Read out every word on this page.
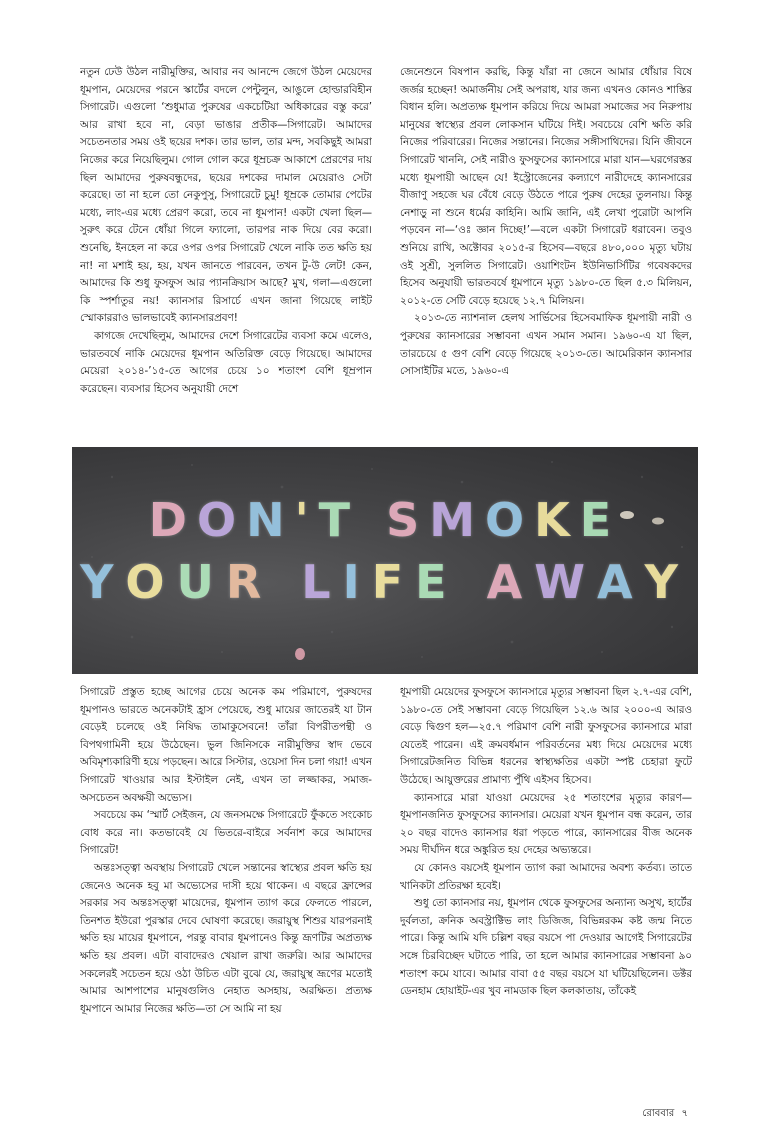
নতুন ঢেউ উঠল নারীমুক্তির, আবার নব আনন্দে জেগে উঠল মেয়েদের ধূমপান, মেয়েদের পরনে স্কার্টের বদলে পেন্টুলুন, আঙুলে হোল্ডারবিহীন সিগারেট। এগুলো ‘শুধুমাত্র পুরুষের একচেটিয়া অধিকারের বস্তু করে’ আর রাখা হবে না, বেড়া ভাঙার প্রতীক—সিগারেট। আমাদের সচেতনতার সময় ওই ছয়ের দশক। তার ভাল, তার মন্দ, সবকিছুই আমরা নিজের করে নিয়েছিলুম। গোল গোল করে ধূম্রচক্র আকাশে প্রেরণের দায় ছিল আমাদের পুরুষবন্ধুদের, ছয়ের দশকের দামাল মেয়েরাও সেটা করেছে। তা না হলে তো নেকুপুসু, সিগারেটে চুমু! ধূম্রকে তোমার পেটের মধ্যে, লাং-এর মধ্যে প্রেরণ করো, তবে না ধূমপান! একটা খেলা ছিল—সুরুৎ করে টেনে ধোঁয়া গিলে ফ্যালো, তারপর নাক দিয়ে বের করো। শুনেছি, ইনহেল না করে ওপর ওপর সিগারেট খেলে নাকি তত ক্ষতি হয় না! না মশাই হয়, হয়, যখন জানতে পারবেন, তখন টু-উ লেট! কেন, আমাদের কি শুধু ফুসফুস আর প্যানক্রিয়াস আছে? মুখ, গলা—এগুলো কি স্পর্শাতুর নয়! ক্যানসার রিসার্চে এখন জানা গিয়েছে লাইট স্মোকাররাও ভালভাবেই ক্যানসারপ্রবণ!

কাগজে দেখেছিলুম, আমাদের দেশে সিগারেটের ব্যবসা কমে এলেও, ভারতবর্ষে নাকি মেয়েদের ধূমপান অতিরিক্ত বেড়ে গিয়েছে। আমাদের মেয়েরা ২০১৪-’১৫-তে আগের চেয়ে ১০ শতাংশ বেশি ধূম্রপান করেছেন। ব্যবসার হিসেব অনুযায়ী দেশে

জেনেশুনে বিষপান করছি, কিন্তু যাঁরা না জেনে আমার ধোঁয়ার বিষে জর্জর হচ্ছেন! অমার্জনীয় সেই অপরাধ, যার জন্য এখনও কোনও শাস্তির বিধান হলি। অপ্রত্যক্ষ ধূমপান করিয়ে দিয়ে আমরা সমাজের সব নিরুপায় মানুষের স্বাস্থ্যের প্রবল লোকসান ঘটিয়ে দিই। সবচেয়ে বেশি ক্ষতি করি নিজের পরিবারের। নিজের সন্তানের। নিজের সঙ্গীসাথিদের। যিনি জীবনে সিগারেট খাননি, সেই নারীও ফুসফুসের ক্যানসারে মারা যান—ঘরগেরস্তর মধ্যে ধূমপায়ী আছেন যে! ইস্ট্রোজেনের কল্যাণে নারীদেহে ক্যানসারের বীজাণু সহজে ঘর বেঁধে বেড়ে উঠতে পারে পুরুষ দেহের তুলনায়। কিন্তু নেশাড়ু না শুনে ধর্মের কাহিনি। আমি জানি, এই লেখা পুরোটা আপনি পড়বেন না—‘ওঃ জ্ঞান দিচ্ছে!’—বলে একটা সিগারেট ধরাবেন। তবুও শুনিয়ে রাখি, অক্টোবর ২০১৫-র হিসেব—বছরে ৪৮০,০০০ মৃত্যু ঘটায় ওই সুশ্রী, সুললিত সিগারেট। ওয়াশিংটন ইউনিভার্সিটির গবেষকদের হিসেব অনুযায়ী ভারতবর্ষে ধূমপানে মৃত্যু ১৯৮০-তে ছিল ৫.৩ মিলিয়ন, ২০১২-তে সেটি বেড়ে হয়েছে ১২.৭ মিলিয়ন।

২০১৩-তে ন্যাশনাল হেলথ সার্ভিসের হিসেবমাফিক ধূমপায়ী নারী ও পুরুষের ক্যানসারের সম্ভাবনা এখন সমান সমান। ১৯৬০-এ যা ছিল, তারচেয়ে ৫ গুণ বেশি বেড়ে গিয়েছে ২০১৩-তে। আমেরিকান ক্যানসার সোসাইটির মতে, ১৯৬০-এ

DON'T SMOKE
YOUR LIFE AWAY

সিগারেট প্রস্তুত হচ্ছে আগের চেয়ে অনেক কম পরিমাণে, পুরুষদের ধূমপানও ভারতে অনেকটাই হ্রাস পেয়েছে, শুধু মায়ের জাতেরই যা টান বেড়েই চলেছে ওই নিষিদ্ধ তামাকুসেবনে! তাঁরা বিপরীতপন্থী ও বিপথগামিনী হয়ে উঠেছেন। ভুল জিনিসকে নারীমুক্তির স্বাদ ভেবে অবিমৃশ্যকারিণী হয়ে পড়ছেন। আরে সিস্টার, ওয়েসা দিন চলা গয়া! এখন সিগারেট খাওয়ার আর ইস্টাইল নেই, এখন তা লজ্জাকর, সমাজ-অসচেতন অবক্ষয়ী অভ্যেস।

সবচেয়ে কম ‘স্মার্ট সেইজন, যে জনসমক্ষে সিগারেটে ফুঁকতে সংকোচ বোধ করে না। কতভাবেই যে ভিতরে-বাইরে সর্বনাশ করে আমাদের সিগারেট!

অন্তঃসত্ত্বা অবস্থায় সিগারেট খেলে সন্তানের স্বাস্থ্যের প্রবল ক্ষতি হয় জেনেও অনেক হবু মা অভ্যেসের দাসী হয়ে থাকেন। এ বছরে ফ্রান্সের সরকার সব অন্তঃসত্ত্বা মায়েদের, ধূমপান ত্যাগ করে ফেলতে পারলে, তিনশত ইউরো পুরস্কার দেবে ঘোষণা করেছে। জরায়ুস্থ শিশুর যারপরনাই ক্ষতি হয় মায়ের ধূমপানে, পরন্তু বাবার ধূমপানেও কিন্তু ভ্রূণটির অপ্রত্যক্ষ ক্ষতি হয় প্রবল। এটা বাবাদেরও খেয়াল রাখা জরুরি। আর আমাদের সকলেরই সচেতন হয়ে ওঠা উচিত এটা বুঝে যে, জরায়ুস্থ ভ্রূণের মতোই আমার আশপাশের মানুষগুলিও নেহাত অসহায়, অরক্ষিত। প্রত্যক্ষ ধূমপানে আমার নিজের ক্ষতি—তা সে আমি না হয়

ধূমপায়ী মেয়েদের ফুসফুসে ক্যানসারে মৃত্যুর সম্ভাবনা ছিল ২.৭-এর বেশি, ১৯৮০-তে সেই সম্ভাবনা বেড়ে গিয়েছিল ১২.৬ আর ২০০০-এ আরও বেড়ে দ্বিগুণ হল—২৫.৭ পরিমাণ বেশি নারী ফুসফুসের ক্যানসারে মারা যেতেই পারেন। এই ক্রমবর্ধমান পরিবর্তনের মধ্য দিয়ে মেয়েদের মধ্যে সিগারেটজনিত বিভিন্ন ধরনের স্বাস্থ্যক্ষতির একটা স্পষ্ট চেহারা ফুটে উঠেছে। আয়ুক্তরের প্রামাণ্য পুঁথি এইসব হিসেব।

ক্যানসারে মারা যাওয়া মেয়েদের ২৫ শতাংশের মৃত্যুর কারণ— ধূমপানজনিত ফুসফুসের ক্যানসার। মেয়েরা যখন ধূমপান বন্ধ করেন, তার ২০ বছর বাদেও ক্যানসার ধরা পড়তে পারে, ক্যানসারের বীজ অনেক সময় দীর্ঘদিন ধরে অঙ্কুরিত হয় দেহের অভ্যন্তরে।

যে কোনও বয়সেই ধূমপান ত্যাগ করা আমাদের অবশ্য কর্তব্য। তাতে খানিকটা প্রতিরক্ষা হবেই।

শুধু তো ক্যানসার নয়, ধূমপান থেকে ফুসফুসের অন্যান্য অসুখ, হার্টের দুর্বলতা, ক্রনিক অবস্ট্রাক্টিভ লাং ডিজিজ, বিভিন্নরকম কষ্ট জন্ম নিতে পারে। কিন্তু আমি যদি চল্লিশ বছর বয়সে পা দেওয়ার আগেই সিগারেটের সঙ্গে চিরবিচ্ছেদ ঘটাতে পারি, তা হলে আমার ক্যানসারের সম্ভাবনা ৯০ শতাংশ কমে যাবে। আমার বাবা ৫৫ বছর বয়সে যা ঘটিয়েছিলেন। ডক্টর ডেনহাম হোয়াইট-এর খুব নামডাক ছিল কলকাতায়, তাঁকেই

রোববার ৭
